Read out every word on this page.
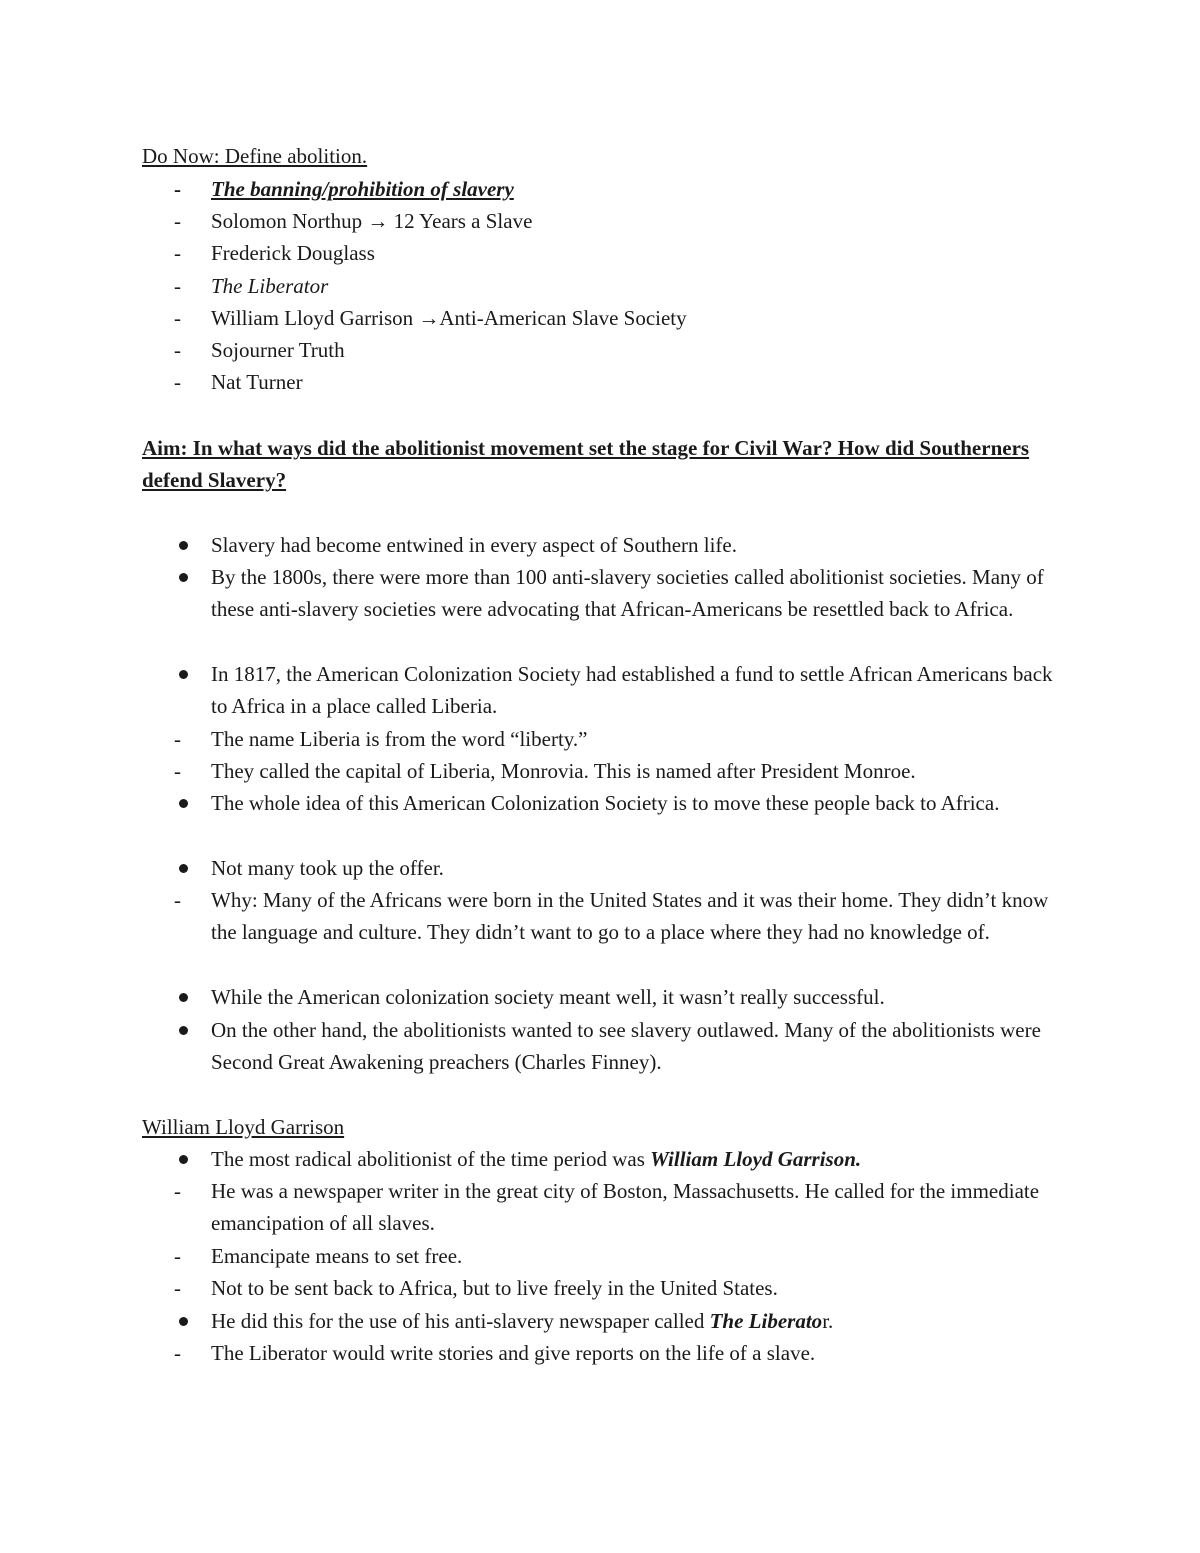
Do Now: Define abolition.
-	The banning/prohibition of slavery
-	Solomon Northup → 12 Years a Slave
-	Frederick Douglass
-	The Liberator
-	William Lloyd Garrison →Anti-American Slave Society
-	Sojourner Truth
-	Nat Turner
Aim: In what ways did the abolitionist movement set the stage for Civil War? How did Southerners defend Slavery?
Slavery had become entwined in every aspect of Southern life.
By the 1800s, there were more than 100 anti-slavery societies called abolitionist societies. Many of these anti-slavery societies were advocating that African-Americans be resettled back to Africa.
In 1817, the American Colonization Society had established a fund to settle African Americans back to Africa in a place called Liberia.
-	The name Liberia is from the word “liberty.”
-	They called the capital of Liberia, Monrovia. This is named after President Monroe.
The whole idea of this American Colonization Society is to move these people back to Africa.
Not many took up the offer.
-	Why: Many of the Africans were born in the United States and it was their home. They didn’t know the language and culture. They didn’t want to go to a place where they had no knowledge of.
While the American colonization society meant well, it wasn’t really successful.
On the other hand, the abolitionists wanted to see slavery outlawed. Many of the abolitionists were Second Great Awakening preachers (Charles Finney).
William Lloyd Garrison
The most radical abolitionist of the time period was William Lloyd Garrison.
-	He was a newspaper writer in the great city of Boston, Massachusetts. He called for the immediate emancipation of all slaves.
-	Emancipate means to set free.
-	Not to be sent back to Africa, but to live freely in the United States.
He did this for the use of his anti-slavery newspaper called The Liberator.
-	The Liberator would write stories and give reports on the life of a slave.
